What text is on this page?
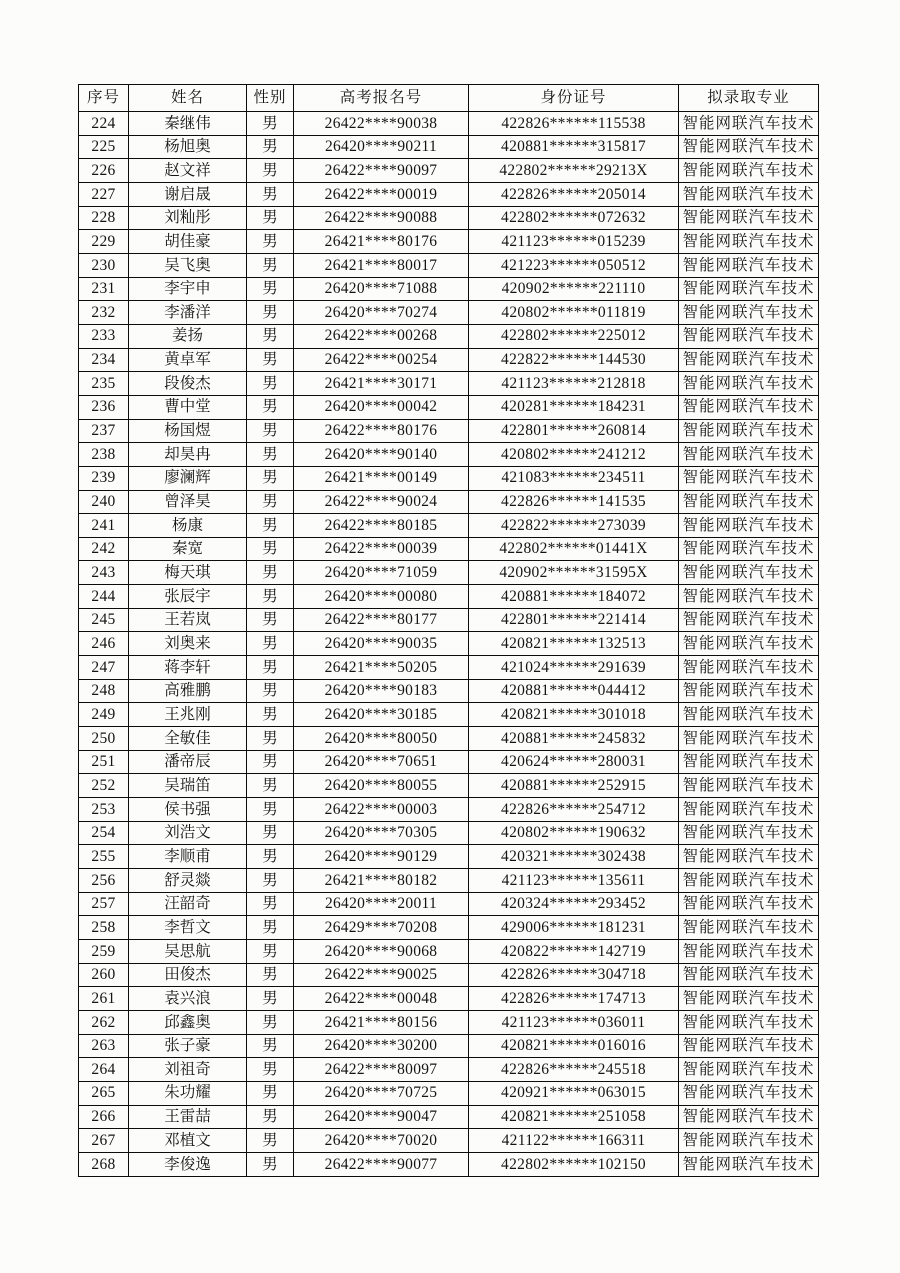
序号	姓名	性别	高考报名号	身份证号	拟录取专业
224	秦继伟	男	26422****90038	422826******115538	智能网联汽车技术
225	杨旭奥	男	26420****90211	420881******315817	智能网联汽车技术
226	赵文祥	男	26422****90097	422802******29213X	智能网联汽车技术
227	谢启晟	男	26422****00019	422826******205014	智能网联汽车技术
228	刘籼彤	男	26422****90088	422802******072632	智能网联汽车技术
229	胡佳豪	男	26421****80176	421123******015239	智能网联汽车技术
230	吴飞奥	男	26421****80017	421223******050512	智能网联汽车技术
231	李宇申	男	26420****71088	420902******221110	智能网联汽车技术
232	李潘洋	男	26420****70274	420802******011819	智能网联汽车技术
233	姜扬	男	26422****00268	422802******225012	智能网联汽车技术
234	黄卓军	男	26422****00254	422822******144530	智能网联汽车技术
235	段俊杰	男	26421****30171	421123******212818	智能网联汽车技术
236	曹中堂	男	26420****00042	420281******184231	智能网联汽车技术
237	杨国煜	男	26422****80176	422801******260814	智能网联汽车技术
238	却昊冉	男	26420****90140	420802******241212	智能网联汽车技术
239	廖澜辉	男	26421****00149	421083******234511	智能网联汽车技术
240	曾泽昊	男	26422****90024	422826******141535	智能网联汽车技术
241	杨康	男	26422****80185	422822******273039	智能网联汽车技术
242	秦宽	男	26422****00039	422802******01441X	智能网联汽车技术
243	梅天琪	男	26420****71059	420902******31595X	智能网联汽车技术
244	张辰宇	男	26420****00080	420881******184072	智能网联汽车技术
245	王若岚	男	26422****80177	422801******221414	智能网联汽车技术
246	刘奥来	男	26420****90035	420821******132513	智能网联汽车技术
247	蒋李轩	男	26421****50205	421024******291639	智能网联汽车技术
248	高雅鹏	男	26420****90183	420881******044412	智能网联汽车技术
249	王兆刚	男	26420****30185	420821******301018	智能网联汽车技术
250	全敏佳	男	26420****80050	420881******245832	智能网联汽车技术
251	潘帝辰	男	26420****70651	420624******280031	智能网联汽车技术
252	吴瑞笛	男	26420****80055	420881******252915	智能网联汽车技术
253	侯书强	男	26422****00003	422826******254712	智能网联汽车技术
254	刘浩文	男	26420****70305	420802******190632	智能网联汽车技术
255	李顺甫	男	26420****90129	420321******302438	智能网联汽车技术
256	舒灵燚	男	26421****80182	421123******135611	智能网联汽车技术
257	汪韶奇	男	26420****20011	420324******293452	智能网联汽车技术
258	李哲文	男	26429****70208	429006******181231	智能网联汽车技术
259	吴思航	男	26420****90068	420822******142719	智能网联汽车技术
260	田俊杰	男	26422****90025	422826******304718	智能网联汽车技术
261	袁兴浪	男	26422****00048	422826******174713	智能网联汽车技术
262	邱鑫奥	男	26421****80156	421123******036011	智能网联汽车技术
263	张子豪	男	26420****30200	420821******016016	智能网联汽车技术
264	刘祖奇	男	26422****80097	422826******245518	智能网联汽车技术
265	朱功耀	男	26420****70725	420921******063015	智能网联汽车技术
266	王雷喆	男	26420****90047	420821******251058	智能网联汽车技术
267	邓植文	男	26420****70020	421122******166311	智能网联汽车技术
268	李俊逸	男	26422****90077	422802******102150	智能网联汽车技术
